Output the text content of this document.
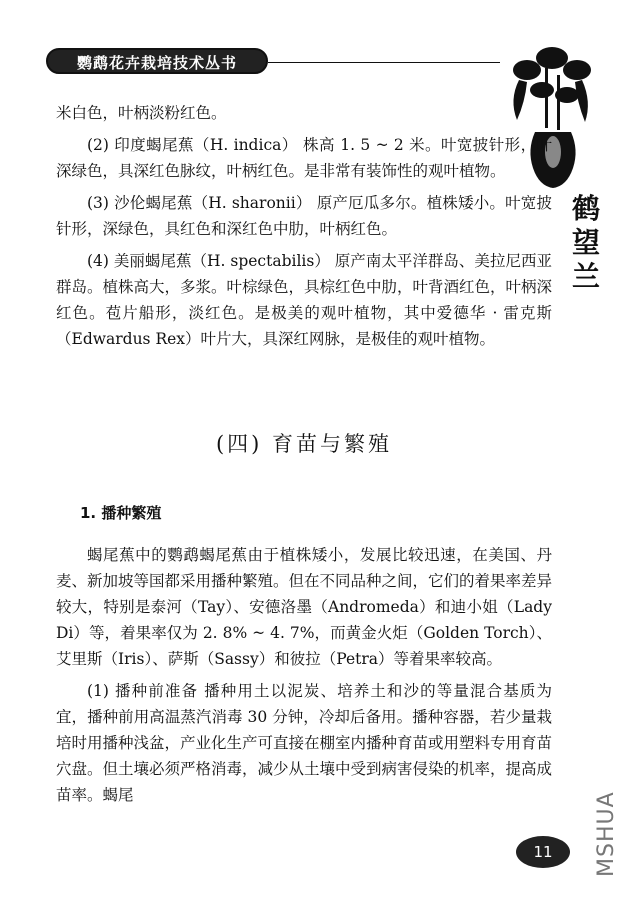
鹦鹉花卉栽培技术丛书
鹤
望
兰

米白色，叶柄淡粉红色。

(2) 印度蝎尾蕉（H. indica） 株高 1. 5 ~ 2 米。叶宽披针形，叶深绿色，具深红色脉纹，叶柄红色。是非常有装饰性的观叶植物。

(3) 沙伦蝎尾蕉（H. sharonii） 原产厄瓜多尔。植株矮小。叶宽披针形，深绿色，具红色和深红色中肋，叶柄红色。

(4) 美丽蝎尾蕉（H. spectabilis） 原产南太平洋群岛、美拉尼西亚群岛。植株高大，多浆。叶棕绿色，具棕红色中肋，叶背酒红色，叶柄深红色。苞片船形，淡红色。是极美的观叶植物，其中爱德华 · 雷克斯（Edwardus Rex）叶片大，具深红网脉，是极佳的观叶植物。

(四) 育苗与繁殖

1. 播种繁殖

蝎尾蕉中的鹦鹉蝎尾蕉由于植株矮小，发展比较迅速，在美国、丹麦、新加坡等国都采用播种繁殖。但在不同品种之间，它们的着果率差异较大，特别是泰河（Tay）、安德洛墨（Andromeda）和迪小姐（Lady Di）等，着果率仅为 2. 8% ~ 4. 7%，而黄金火炬（Golden Torch）、艾里斯（Iris）、萨斯（Sassy）和彼拉（Petra）等着果率较高。

(1) 播种前准备 播种用土以泥炭、培养土和沙的等量混合基质为宜，播种前用高温蒸汽消毒 30 分钟，冷却后备用。播种容器，若少量栽培时用播种浅盆，产业化生产可直接在棚室内播种育苗或用塑料专用育苗穴盘。但土壤必须严格消毒，减少从土壤中受到病害侵染的机率，提高成苗率。蝎尾

11	MSHUA
